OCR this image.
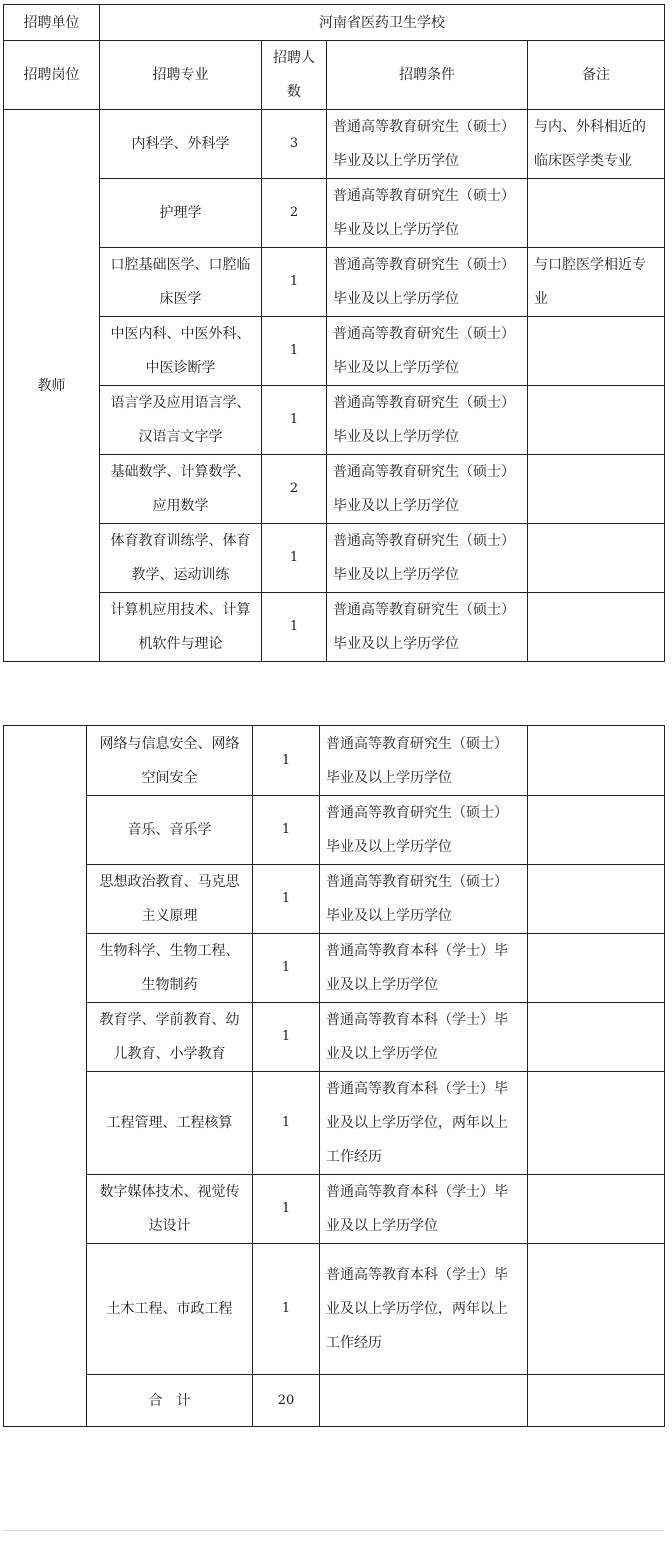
招聘单位	河南省医药卫生学校			
招聘岗位	招聘专业	招聘人数	招聘条件	备注
教师	内科学、外科学	3	普通高等教育研究生（硕士）毕业及以上学历学位	与内、外科相近的临床医学类专业
	护理学	2	普通高等教育研究生（硕士）毕业及以上学历学位	
	口腔基础医学、口腔临床医学	1	普通高等教育研究生（硕士）毕业及以上学历学位	与口腔医学相近专业
	中医内科、中医外科、中医诊断学	1	普通高等教育研究生（硕士）毕业及以上学历学位	
	语言学及应用语言学、汉语言文字学	1	普通高等教育研究生（硕士）毕业及以上学历学位	
	基础数学、计算数学、应用数学	2	普通高等教育研究生（硕士）毕业及以上学历学位	
	体育教育训练学、体育教学、运动训练	1	普通高等教育研究生（硕士）毕业及以上学历学位	
	计算机应用技术、计算机软件与理论	1	普通高等教育研究生（硕士）毕业及以上学历学位	
	网络与信息安全、网络空间安全	1	普通高等教育研究生（硕士）毕业及以上学历学位	
	音乐、音乐学	1	普通高等教育研究生（硕士）毕业及以上学历学位	
	思想政治教育、马克思主义原理	1	普通高等教育研究生（硕士）毕业及以上学历学位	
	生物科学、生物工程、生物制药	1	普通高等教育本科（学士）毕业及以上学历学位	
	教育学、学前教育、幼儿教育、小学教育	1	普通高等教育本科（学士）毕业及以上学历学位	
	工程管理、工程核算	1	普通高等教育本科（学士）毕业及以上学历学位，两年以上工作经历	
	数字媒体技术、视觉传达设计	1	普通高等教育本科（学士）毕业及以上学历学位	
	土木工程、市政工程	1	普通高等教育本科（学士）毕业及以上学历学位，两年以上工作经历	
	合　计	20		
